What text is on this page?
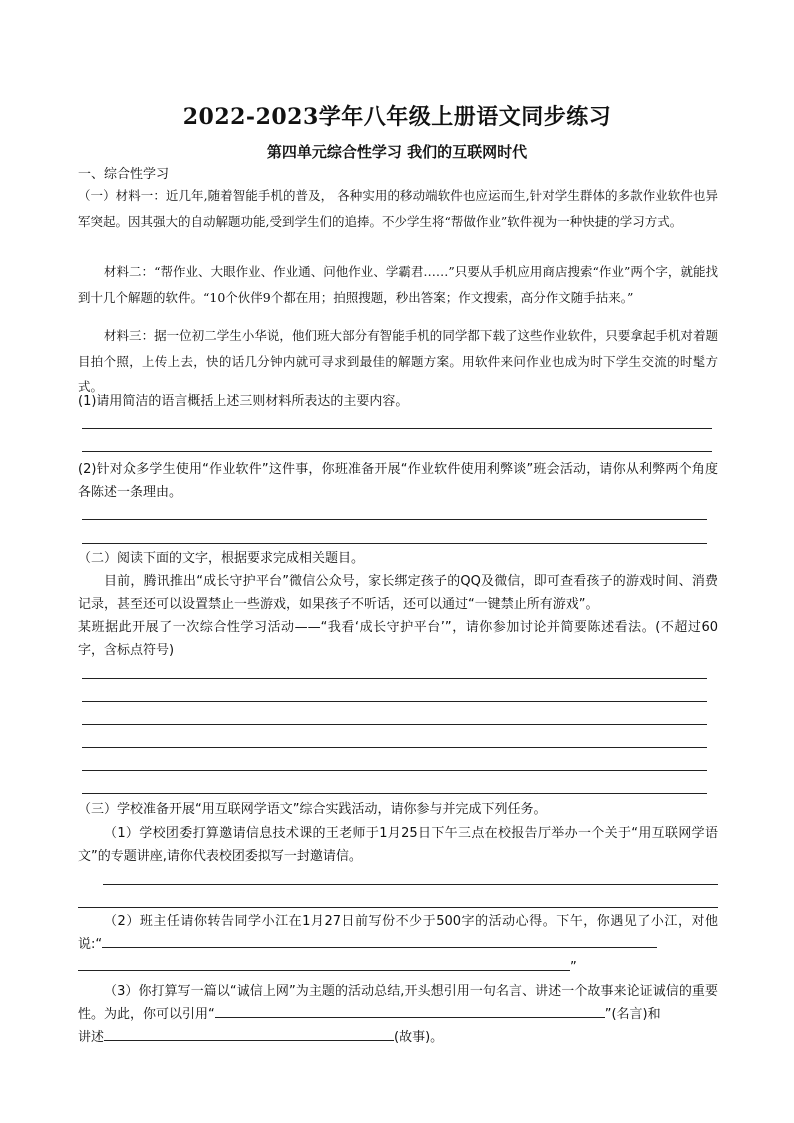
2022-2023学年八年级上册语文同步练习
第四单元综合性学习 我们的互联网时代
一、综合性学习
（一）材料一：近几年,随着智能手机的普及， 各种实用的移动端软件也应运而生,针对学生群体的多款作业软件也异军突起。因其强大的自动解题功能,受到学生们的追捧。不少学生将“帮做作业”软件视为一种快捷的学习方式。
材料二：“帮作业、大眼作业、作业通、问他作业、学霸君……”只要从手机应用商店搜索“作业”两个字，就能找到十几个解题的软件。“10个伙伴9个都在用；拍照搜题，秒出答案；作文搜索，高分作文随手拈来。”
材料三：据一位初二学生小华说，他们班大部分有智能手机的同学都下载了这些作业软件，只要拿起手机对着题目拍个照，上传上去，快的话几分钟内就可寻求到最佳的解题方案。用软件来问作业也成为时下学生交流的时髦方式。
(1)请用简洁的语言概括上述三则材料所表达的主要内容。
(2)针对众多学生使用“作业软件”这件事，你班准备开展“作业软件使用利弊谈”班会活动，请你从利弊两个角度各陈述一条理由。
（二）阅读下面的文字，根据要求完成相关题目。
目前，腾讯推出“成长守护平台”微信公众号，家长绑定孩子的QQ及微信，即可查看孩子的游戏时间、消费记录，甚至还可以设置禁止一些游戏，如果孩子不听话，还可以通过“一键禁止所有游戏”。
某班据此开展了一次综合性学习活动——“我看‘成长守护平台’”，请你参加讨论并简要陈述看法。(不超过60字，含标点符号)
（三）学校准备开展“用互联网学语文”综合实践活动，请你参与并完成下列任务。
（1）学校团委打算邀请信息技术课的王老师于1月25日下午三点在校报告厅举办一个关于“用互联网学语文”的专题讲座,请你代表校团委拟写一封邀请信。
（2）班主任请你转告同学小江在1月27日前写份不少于500字的活动心得。下午，你遇见了小江，对他说:“
”
（3）你打算写一篇以“诚信上网”为主题的活动总结,开头想引用一句名言、讲述一个故事来论证诚信的重要性。为此，你可以引用“	”(名言)和
讲述	(故事)。
